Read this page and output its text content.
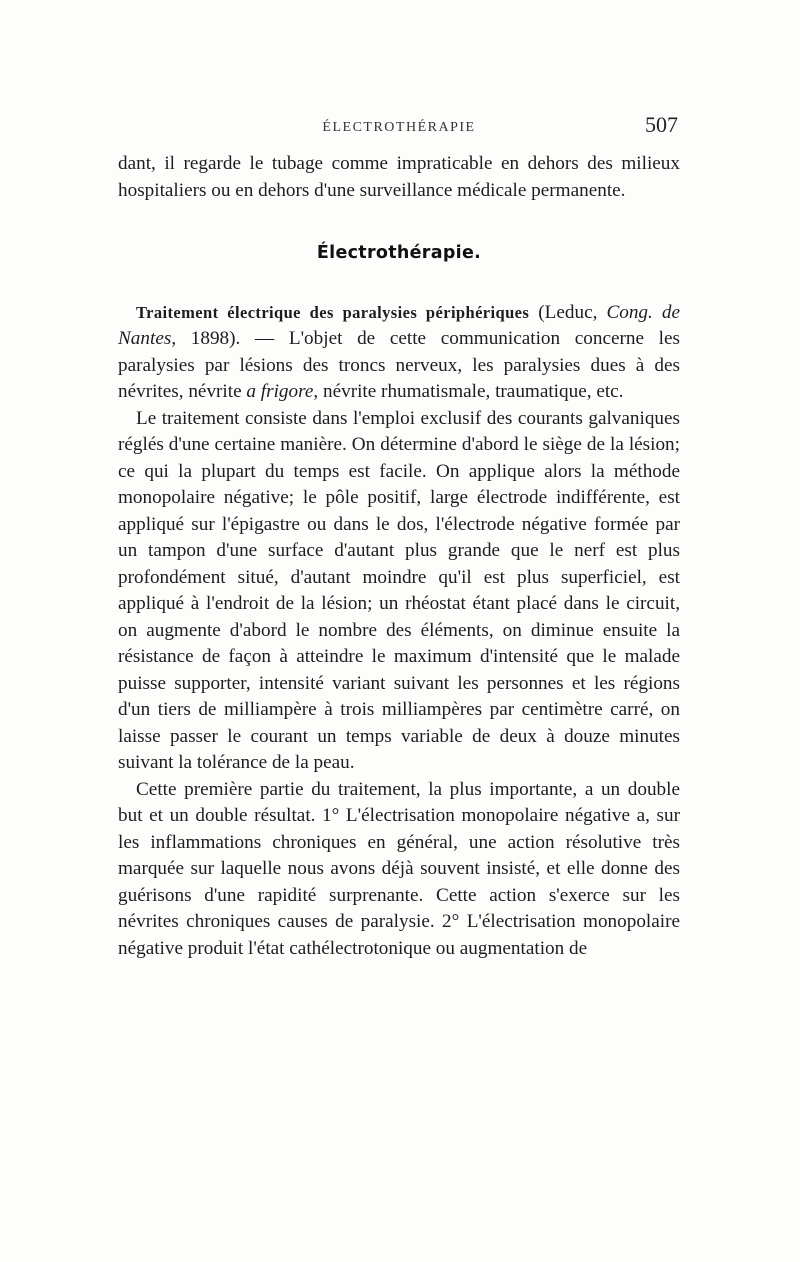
ÉLECTROTHÉRAPIE	507

dant, il regarde le tubage comme impraticable en dehors des milieux hospitaliers ou en dehors d'une surveillance médicale permanente.

Électrothérapie.

Traitement électrique des paralysies périphériques (Leduc, Cong. de Nantes, 1898). — L'objet de cette communication concerne les paralysies par lésions des troncs nerveux, les paralysies dues à des névrites, névrite a frigore, névrite rhumatismale, traumatique, etc.

Le traitement consiste dans l'emploi exclusif des courants galvaniques réglés d'une certaine manière. On détermine d'abord le siège de la lésion; ce qui la plupart du temps est facile. On applique alors la méthode monopolaire négative; le pôle positif, large électrode indifférente, est appliqué sur l'épigastre ou dans le dos, l'électrode négative formée par un tampon d'une surface d'autant plus grande que le nerf est plus profondément situé, d'autant moindre qu'il est plus superficiel, est appliqué à l'endroit de la lésion; un rhéostat étant placé dans le circuit, on augmente d'abord le nombre des éléments, on diminue ensuite la résistance de façon à atteindre le maximum d'intensité que le malade puisse supporter, intensité variant suivant les personnes et les régions d'un tiers de milliampère à trois milliampères par centimètre carré, on laisse passer le courant un temps variable de deux à douze minutes suivant la tolérance de la peau.

Cette première partie du traitement, la plus importante, a un double but et un double résultat. 1° L'électrisation monopolaire négative a, sur les inflammations chroniques en général, une action résolutive très marquée sur laquelle nous avons déjà souvent insisté, et elle donne des guérisons d'une rapidité surprenante. Cette action s'exerce sur les névrites chroniques causes de paralysie. 2° L'électrisation monopolaire négative produit l'état cathélectrotonique ou augmentation de
